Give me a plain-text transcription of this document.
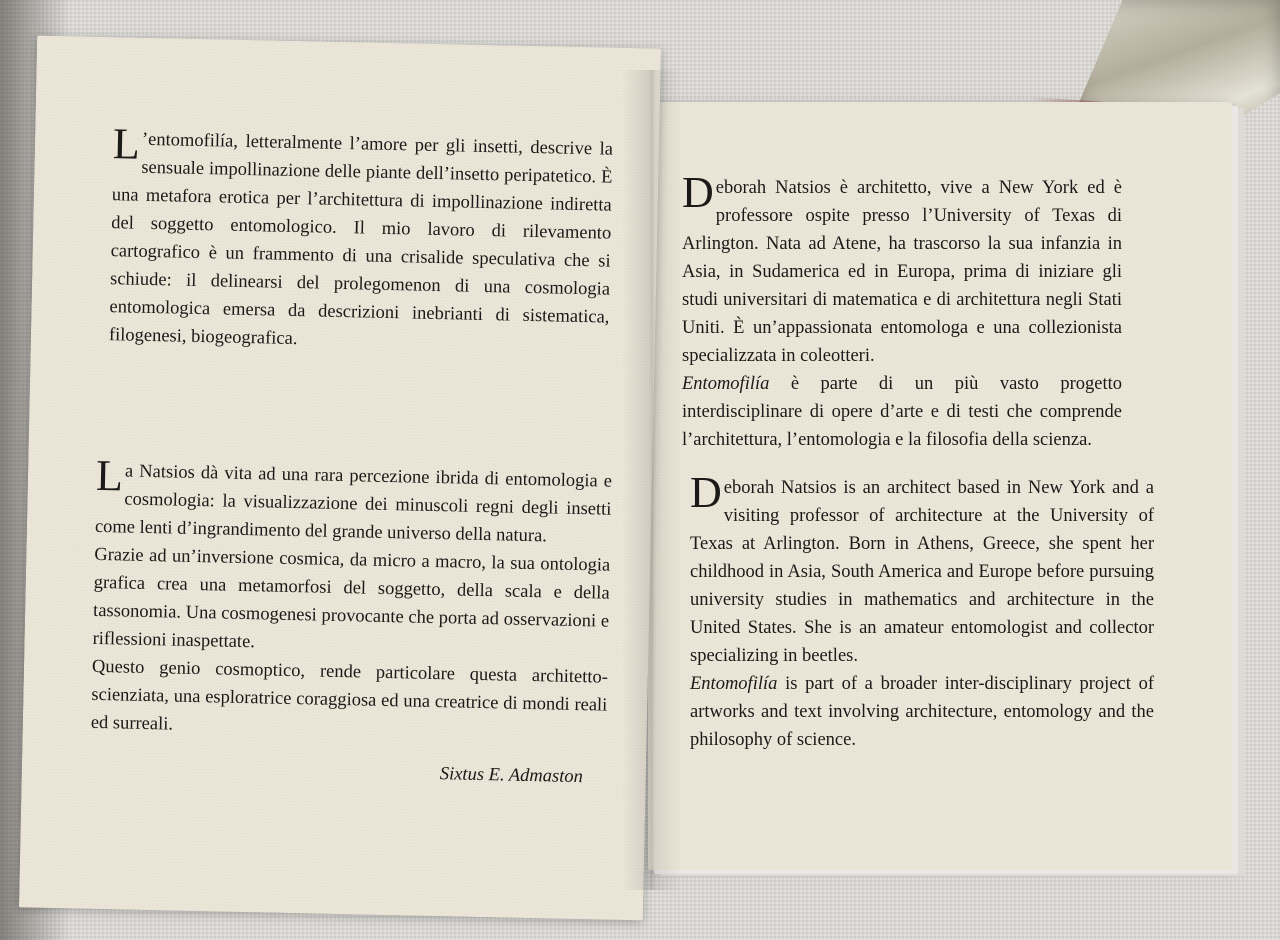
Deborah Natsios è architetto, vive a New York ed è professore ospite presso l’University of Texas di Arlington. Nata ad Atene, ha trascorso la sua infanzia in Asia, in Sudamerica ed in Europa, prima di iniziare gli studi universitari di matematica e di architettura negli Stati Uniti. È un’appassionata entomologa e una collezionista specializzata in coleotteri.

Entomofilía è parte di un più vasto progetto interdisciplinare di opere d’arte e di testi che comprende l’architettura, l’entomologia e la filosofia della scienza.

Deborah Natsios is an architect based in New York and a visiting professor of architecture at the University of Texas at Arlington. Born in Athens, Greece, she spent her childhood in Asia, South America and Europe before pursuing university studies in mathematics and architecture in the United States. She is an amateur entomologist and collector specializing in beetles.

Entomofilía is part of a broader inter-disciplinary project of artworks and text involving architecture, entomology and the philosophy of science.

L ’entomofilía, letteralmente l’amore per gli insetti, descrive la sensuale impollinazione delle piante dell’insetto peripatetico. È una metafora erotica per l’architettura di impollinazione indiretta del soggetto entomologico. Il mio lavoro di rilevamento cartografico è un frammento di una crisalide speculativa che si schiude: il delinearsi del prolegomenon di una cosmologia entomologica emersa da descrizioni inebrianti di sistematica, filogenesi, biogeografica.

La Natsios dà vita ad una rara percezione ibrida di entomologia e cosmologia: la visualizzazione dei minuscoli regni degli insetti come lenti d’ingrandimento del grande universo della natura.

Grazie ad un’inversione cosmica, da micro a macro, la sua ontologia grafica crea una metamorfosi del soggetto, della scala e della tassonomia. Una cosmogenesi provocante che porta ad osservazioni e riflessioni inaspettate.

Questo genio cosmoptico, rende particolare questa architetto-scienziata, una esploratrice coraggiosa ed una creatrice di mondi reali ed surreali.

Sixtus E. Admaston
